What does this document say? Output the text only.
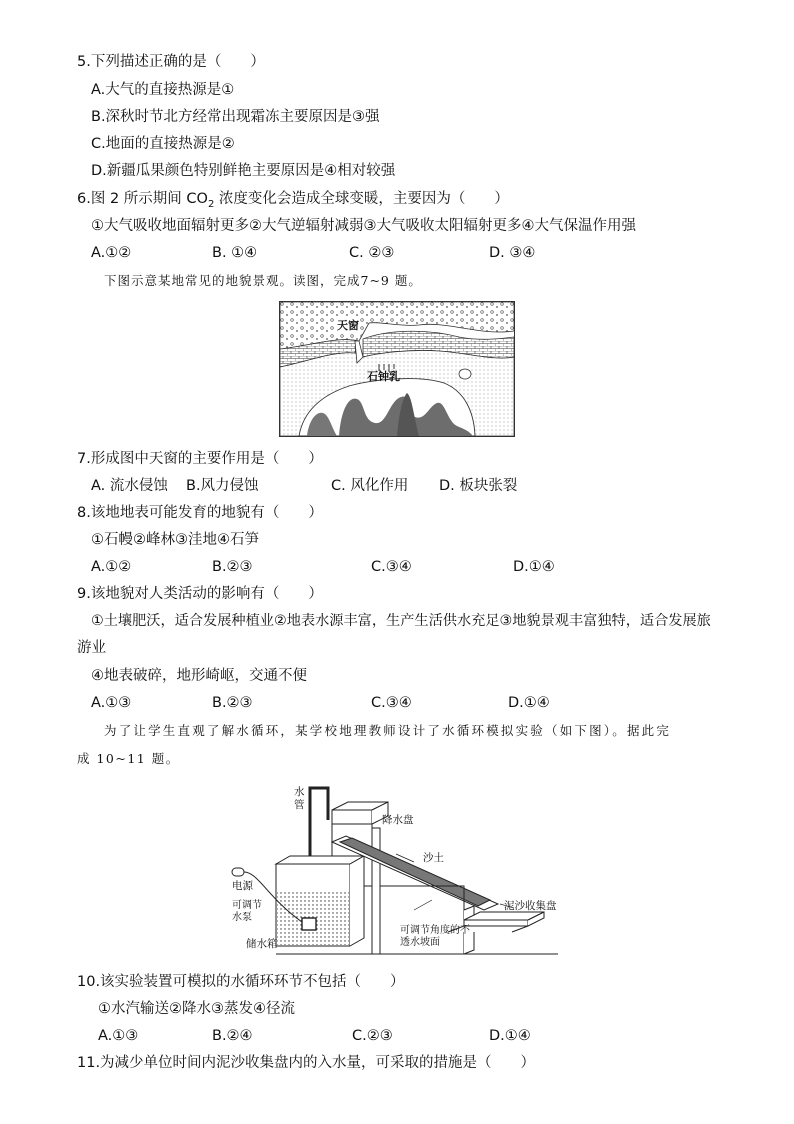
5.下列描述正确的是（　　）
A.大气的直接热源是①
B.深秋时节北方经常出现霜冻主要原因是③强
C.地面的直接热源是②
D.新疆瓜果颜色特别鲜艳主要原因是④相对较强
6.图 2 所示期间 $CO_2$ 浓度变化会造成全球变暖，主要因为（　　）
①大气吸收地面辐射更多②大气逆辐射减弱③大气吸收太阳辐射更多④大气保温作用强
A.①②	B. ①④	C. ②③	D. ③④
下图示意某地常见的地貌景观。读图，完成7~9 题。
天窗
石钟乳
7.形成图中天窗的主要作用是（　　）
A. 流水侵蚀 B.风力侵蚀	C. 风化作用 D. 板块张裂
8.该地地表可能发育的地貌有（　　）
①石幔②峰林③洼地④石笋
A.①②	B.②③	C.③④	D.①④
9.该地貌对人类活动的影响有（　　）
①土壤肥沃，适合发展种植业②地表水源丰富，生产生活供水充足③地貌景观丰富独特，适合发展旅
游业
④地表破碎，地形崎岖，交通不便
A.①③	B.②③	C.③④	D.①④
为了让学生直观了解水循环，某学校地理教师设计了水循环模拟实验（如下图）。据此完
成 10~11 题。
水管
降水盘
沙土
电源
可调节水泵
储水箱
可调节角度的不透水坡面
泥沙收集盘
10.该实验装置可模拟的水循环环节不包括（　　）
①水汽输送②降水③蒸发④径流
A.①③	B.②④	C.②③	D.①④
11.为减少单位时间内泥沙收集盘内的入水量，可采取的措施是（　　）
